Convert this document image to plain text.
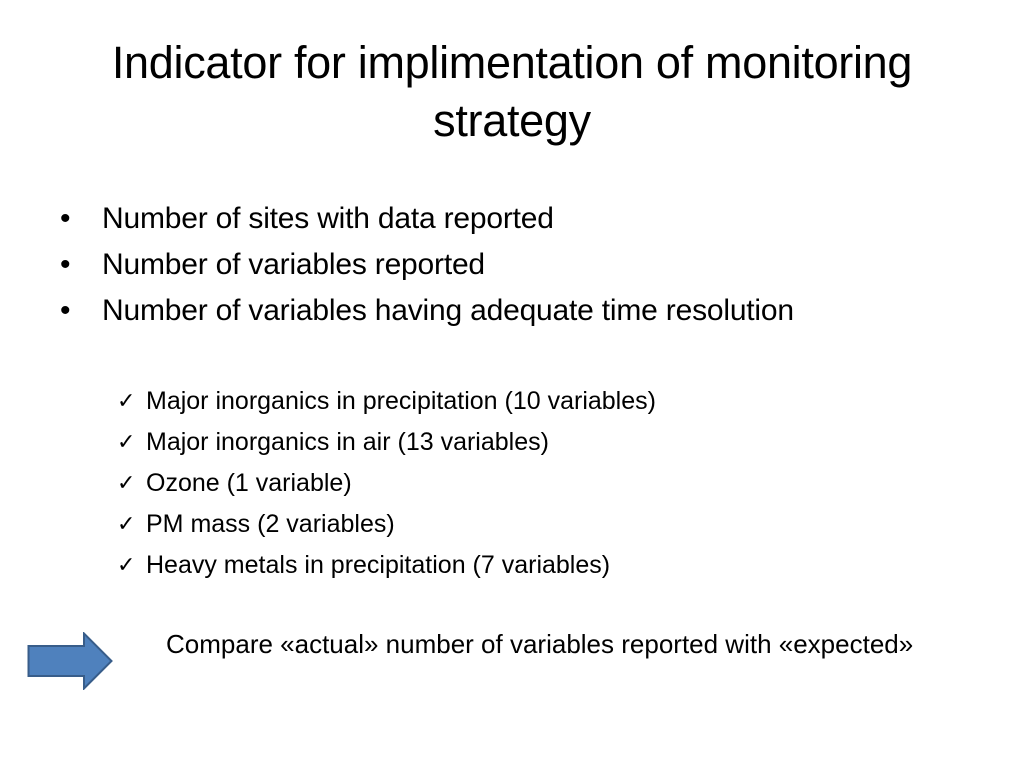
Indicator for implimentation of monitoring strategy
• Number of sites with data reported
• Number of variables reported
• Number of variables having adequate time resolution
✓ Major inorganics in precipitation (10 variables)
✓ Major inorganics in air (13 variables)
✓ Ozone (1 variable)
✓ PM mass (2 variables)
✓ Heavy metals in precipitation (7 variables)

Compare «actual» number of variables reported with «expected»
